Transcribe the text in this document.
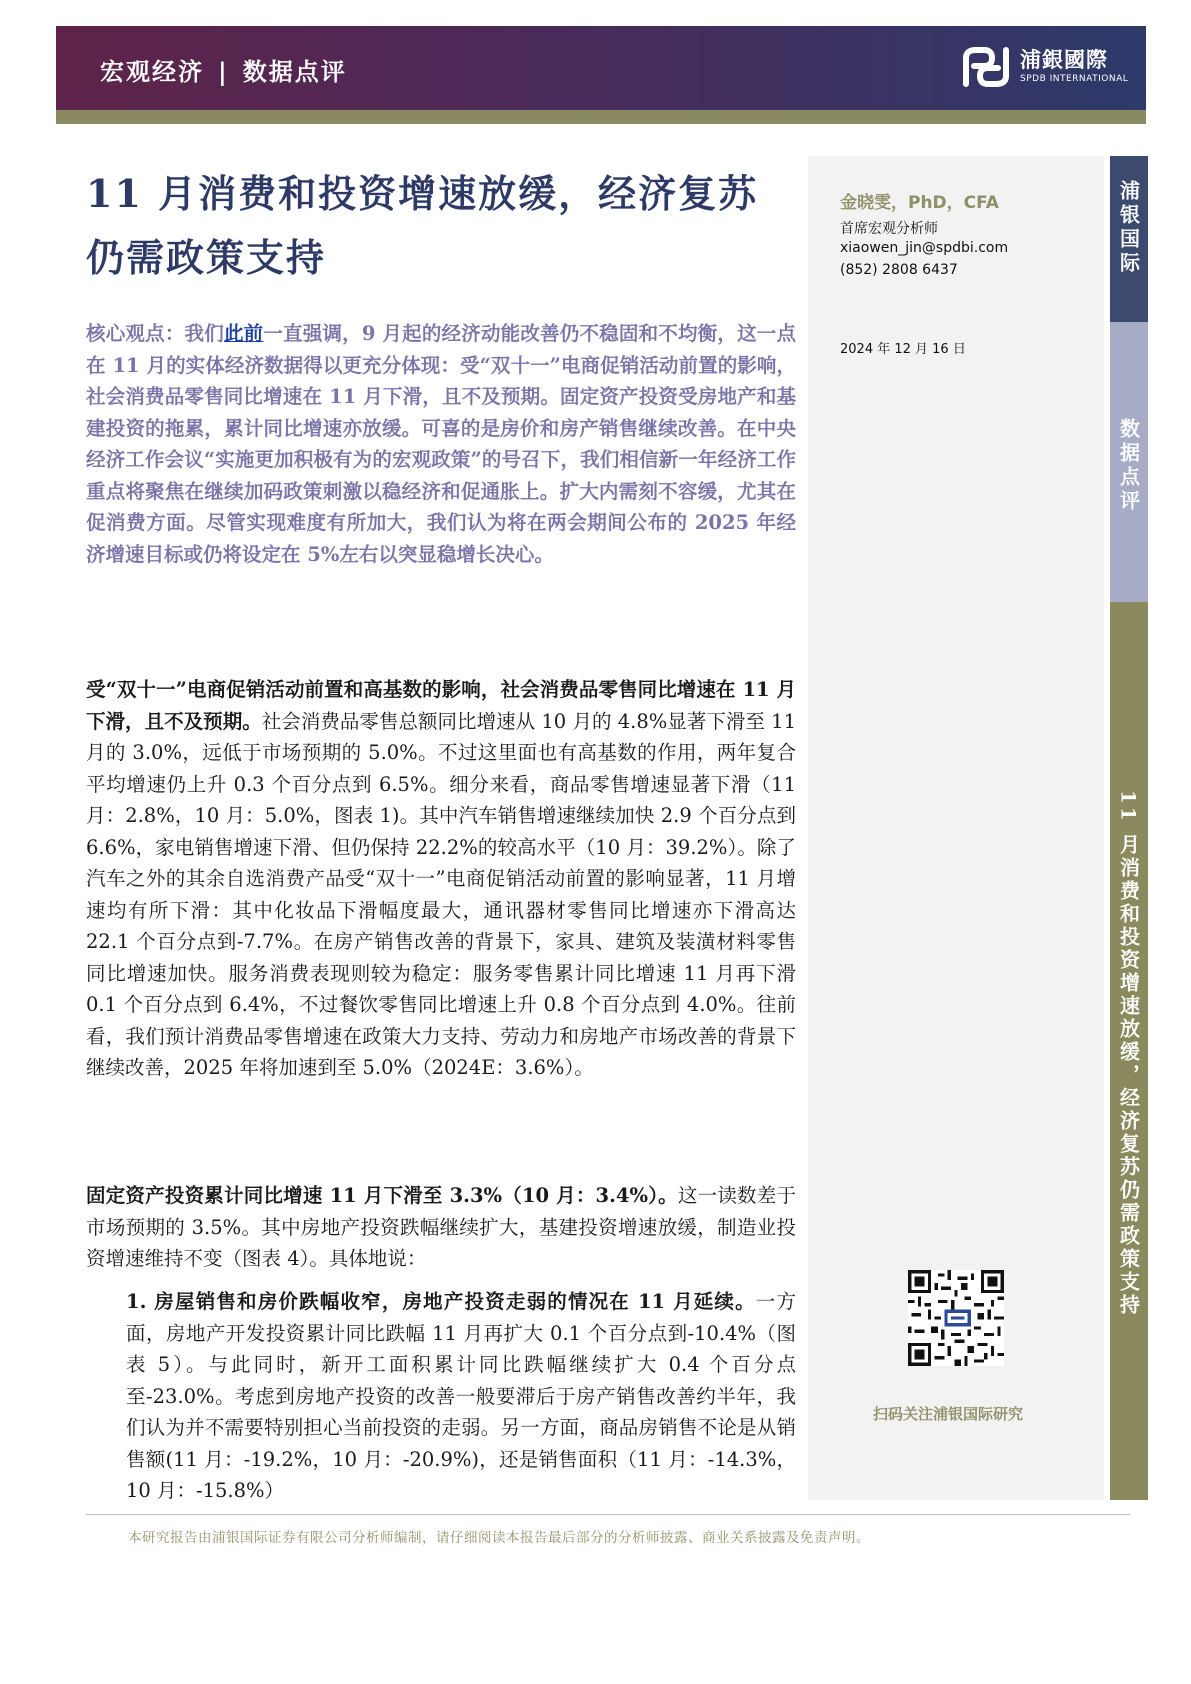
宏观经济 | 数据点评	浦銀國際
SPDB INTERNATIONAL
11 月消费和投资增速放缓，经济复苏仍需政策支持
核心观点：我们此前一直强调，9 月起的经济动能改善仍不稳固和不均衡，这一点在 11 月的实体经济数据得以更充分体现：受“双十一”电商促销活动前置的影响，社会消费品零售同比增速在 11 月下滑，且不及预期。固定资产投资受房地产和基建投资的拖累，累计同比增速亦放缓。可喜的是房价和房产销售继续改善。在中央经济工作会议“实施更加积极有为的宏观政策”的号召下，我们相信新一年经济工作重点将聚焦在继续加码政策刺激以稳经济和促通胀上。扩大内需刻不容缓，尤其在促消费方面。尽管实现难度有所加大，我们认为将在两会期间公布的 2025 年经济增速目标或仍将设定在 5%左右以突显稳增长决心。
受“双十一”电商促销活动前置和高基数的影响，社会消费品零售同比增速在 11 月下滑，且不及预期。社会消费品零售总额同比增速从 10 月的 4.8%显著下滑至 11 月的 3.0%，远低于市场预期的 5.0%。不过这里面也有高基数的作用，两年复合平均增速仍上升 0.3 个百分点到 6.5%。细分来看，商品零售增速显著下滑（11 月：2.8%，10 月：5.0%，图表 1)。其中汽车销售增速继续加快 2.9 个百分点到 6.6%，家电销售增速下滑、但仍保持 22.2%的较高水平（10 月：39.2%）。除了汽车之外的其余自选消费产品受“双十一”电商促销活动前置的影响显著，11 月增速均有所下滑：其中化妆品下滑幅度最大，通讯器材零售同比增速亦下滑高达 22.1 个百分点到-7.7%。在房产销售改善的背景下，家具、建筑及装潢材料零售同比增速加快。服务消费表现则较为稳定：服务零售累计同比增速 11 月再下滑 0.1 个百分点到 6.4%，不过餐饮零售同比增速上升 0.8 个百分点到 4.0%。往前看，我们预计消费品零售增速在政策大力支持、劳动力和房地产市场改善的背景下继续改善，2025 年将加速到至 5.0%（2024E：3.6%）。
固定资产投资累计同比增速 11 月下滑至 3.3%（10 月：3.4%）。这一读数差于市场预期的 3.5%。其中房地产投资跌幅继续扩大，基建投资增速放缓，制造业投资增速维持不变（图表 4）。具体地说：
1. 房屋销售和房价跌幅收窄，房地产投资走弱的情况在 11 月延续。一方面，房地产开发投资累计同比跌幅 11 月再扩大 0.1 个百分点到-10.4%（图表 5）。与此同时，新开工面积累计同比跌幅继续扩大 0.4 个百分点至-23.0%。考虑到房地产投资的改善一般要滞后于房产销售改善约半年，我们认为并不需要特别担心当前投资的走弱。另一方面，商品房销售不论是从销售额(11 月：-19.2%，10 月：-20.9%)，还是销售面积（11 月：-14.3%，10 月：-15.8%）
金晓雯，PhD，CFA
首席宏观分析师
xiaowen_jin@spdbi.com
(852) 2808 6437
2024 年 12 月 16 日
扫码关注浦银国际研究
浦银国际
数据点评
11 月消费和投资增速放缓，经济复苏仍需政策支持
本研究报告由浦银国际证券有限公司分析师编制，请仔细阅读本报告最后部分的分析师披露、商业关系披露及免责声明。
